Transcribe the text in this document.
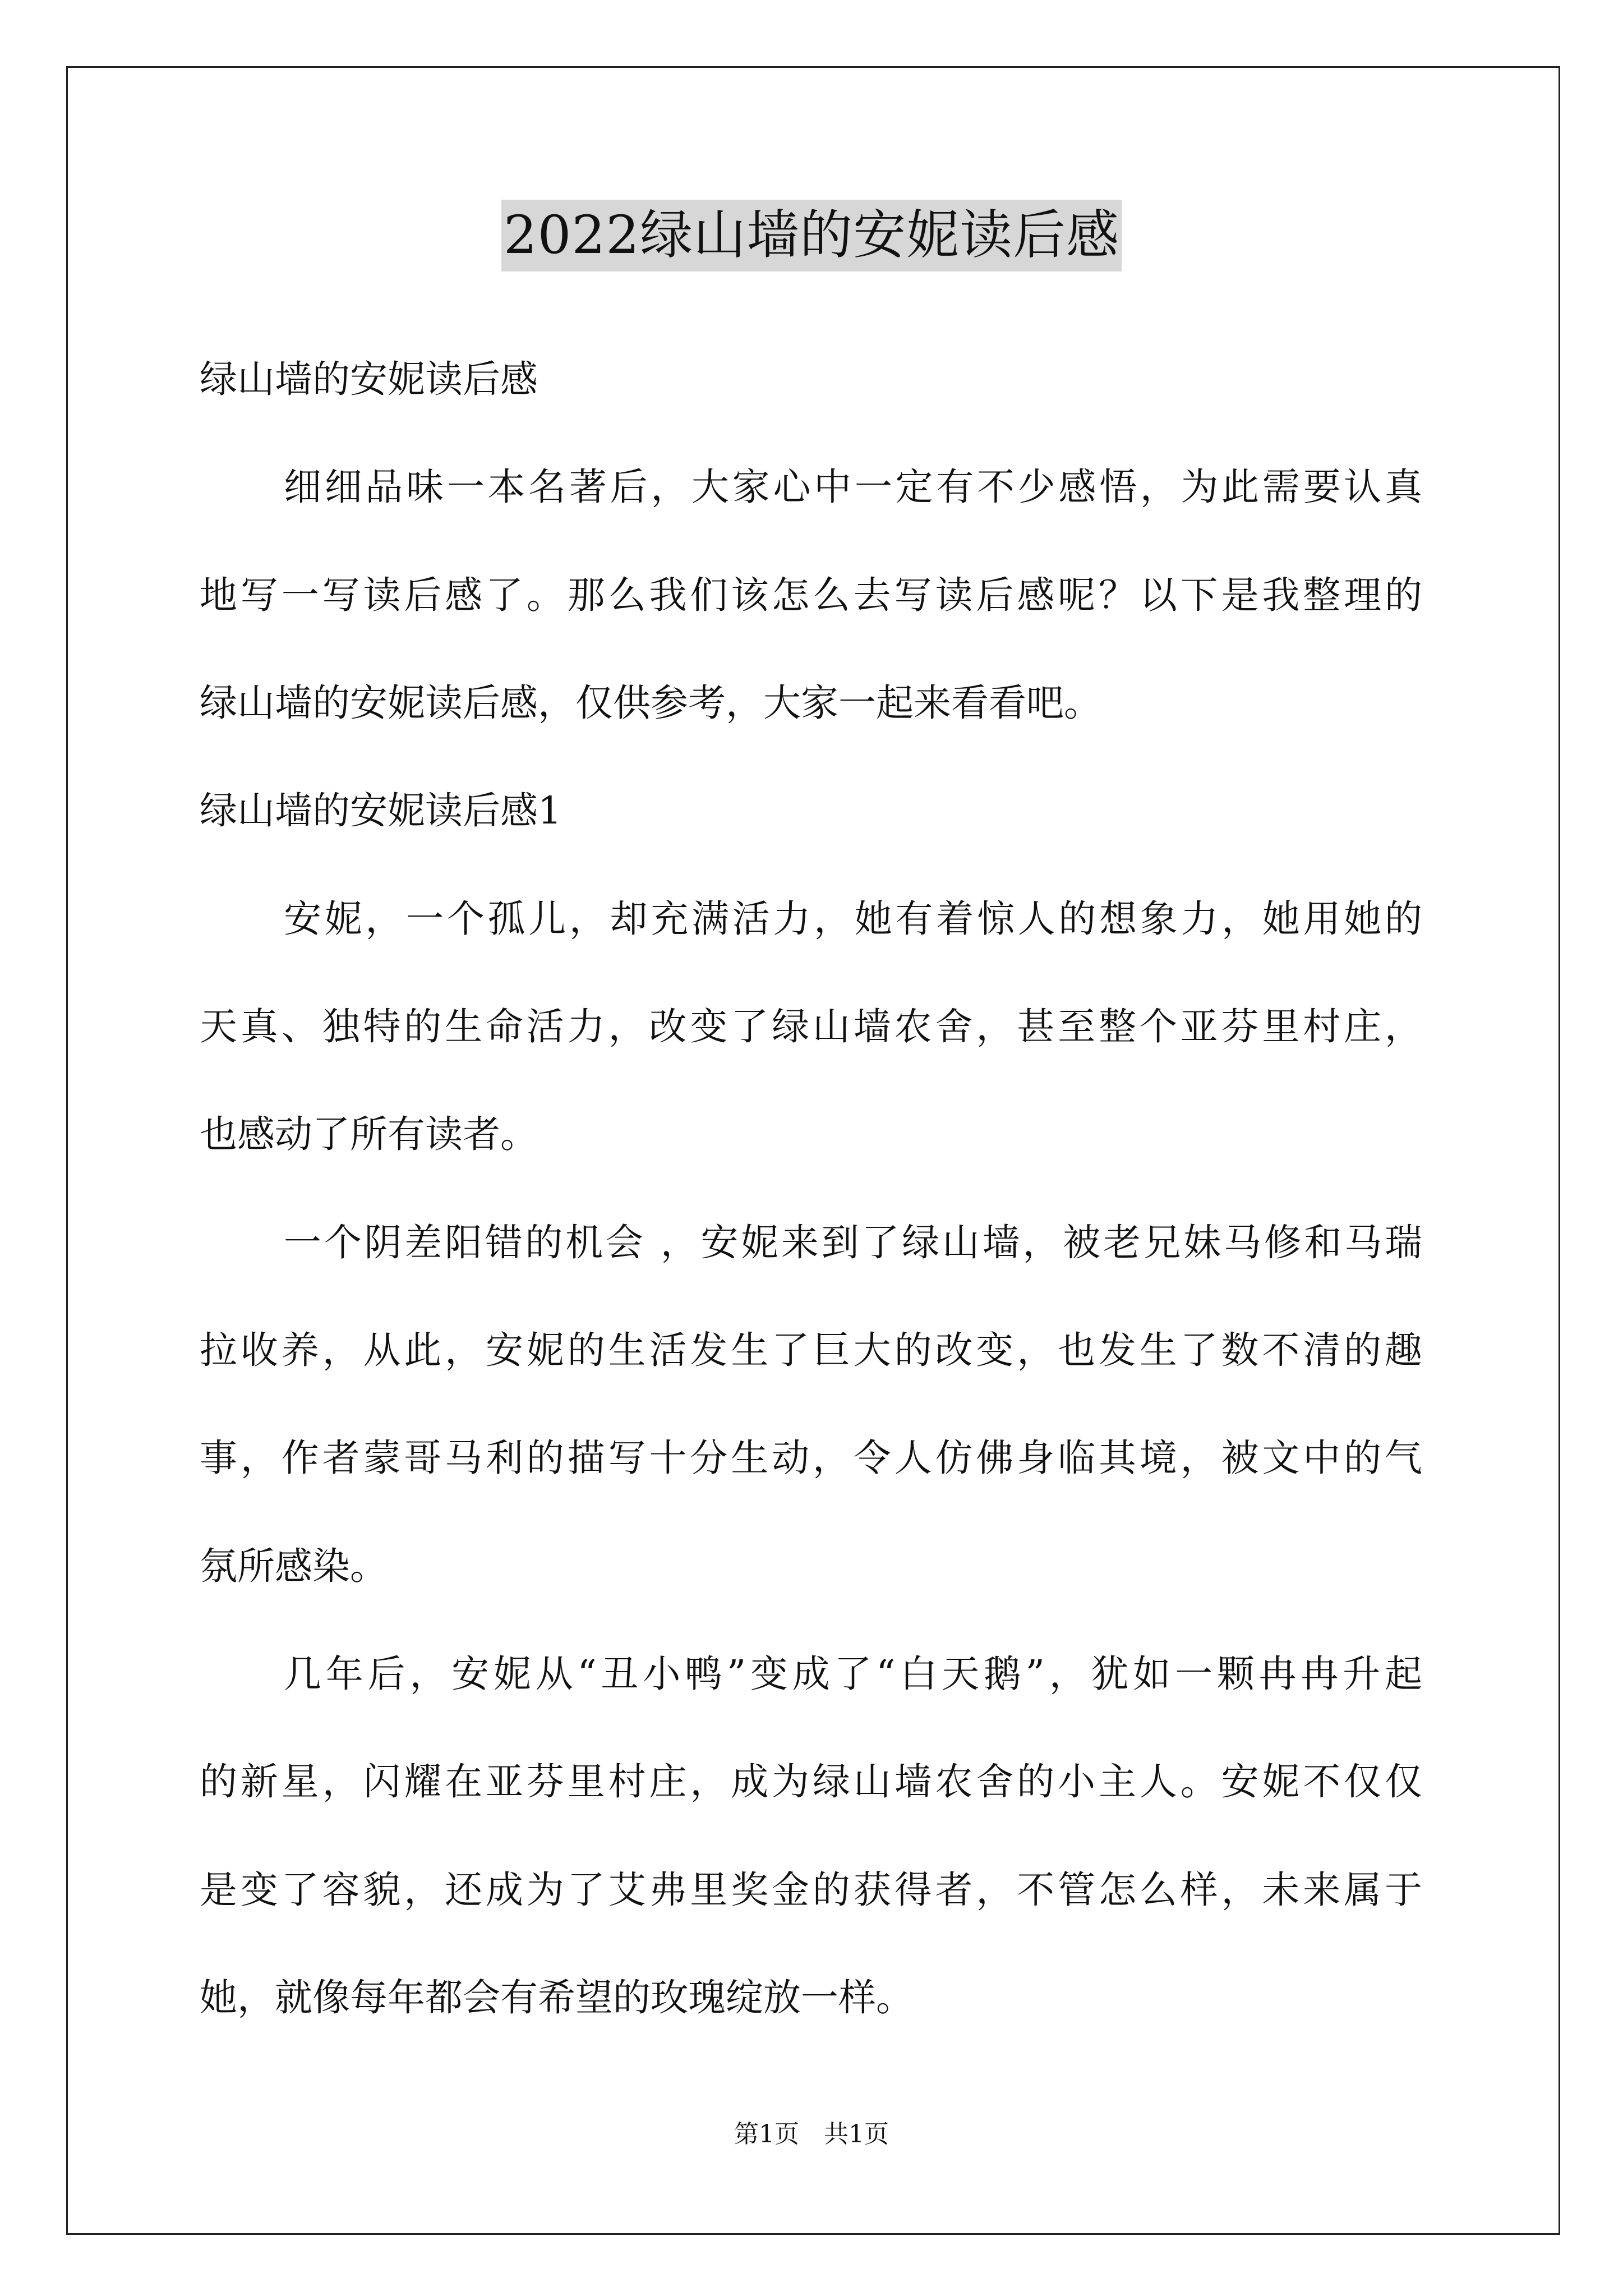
2022绿山墙的安妮读后感
绿山墙的安妮读后感
细细品味一本名著后，大家心中一定有不少感悟，为此需要认真
地写一写读后感了。那么我们该怎么去写读后感呢？以下是我整理的
绿山墙的安妮读后感，仅供参考，大家一起来看看吧。
绿山墙的安妮读后感1
安妮，一个孤儿，却充满活力，她有着惊人的想象力，她用她的
天真、独特的生命活力，改变了绿山墙农舍，甚至整个亚芬里村庄，
也感动了所有读者。
一个阴差阳错的机会 ，安妮来到了绿山墙，被老兄妹马修和马瑞
拉收养，从此，安妮的生活发生了巨大的改变，也发生了数不清的趣
事，作者蒙哥马利的描写十分生动，令人仿佛身临其境，被文中的气
氛所感染。
几年后，安妮从“丑小鸭”变成了“白天鹅”，犹如一颗冉冉升起
的新星，闪耀在亚芬里村庄，成为绿山墙农舍的小主人。安妮不仅仅
是变了容貌，还成为了艾弗里奖金的获得者，不管怎么样，未来属于
她，就像每年都会有希望的玫瑰绽放一样。
第1页　共1页
